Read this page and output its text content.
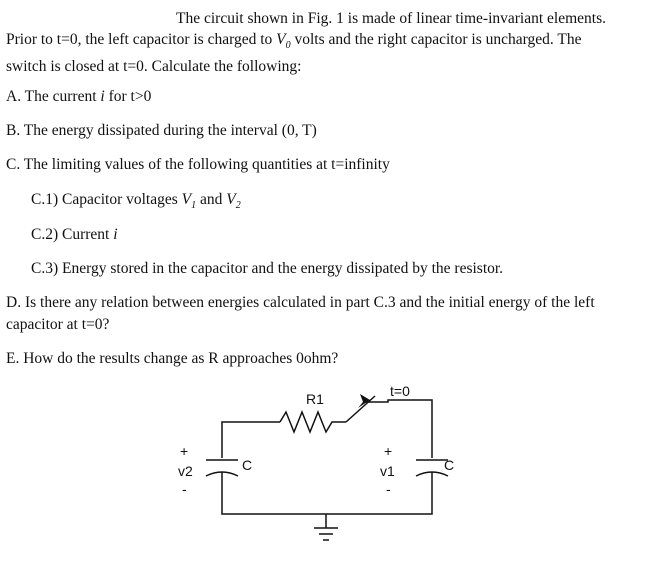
The circuit shown in Fig. 1 is made of linear time-invariant elements.
Prior to t=0, the left capacitor is charged to $V_0$ volts and the right capacitor is uncharged. The
switch is closed at t=0. Calculate the following:
A. The current i for t>0
B. The energy dissipated during the interval (0, T)
C. The limiting values of the following quantities at t=infinity
C.1) Capacitor voltages $V_1$ and $V_2$
C.2) Current i
C.3) Energy stored in the capacitor and the energy dissipated by the resistor.
D. Is there any relation between energies calculated in part C.3 and the initial energy of the left
capacitor at t=0?
E. How do the results change as R approaches 0ohm?
R1	t=0
C	C
+
v2
-
+
v1
-
